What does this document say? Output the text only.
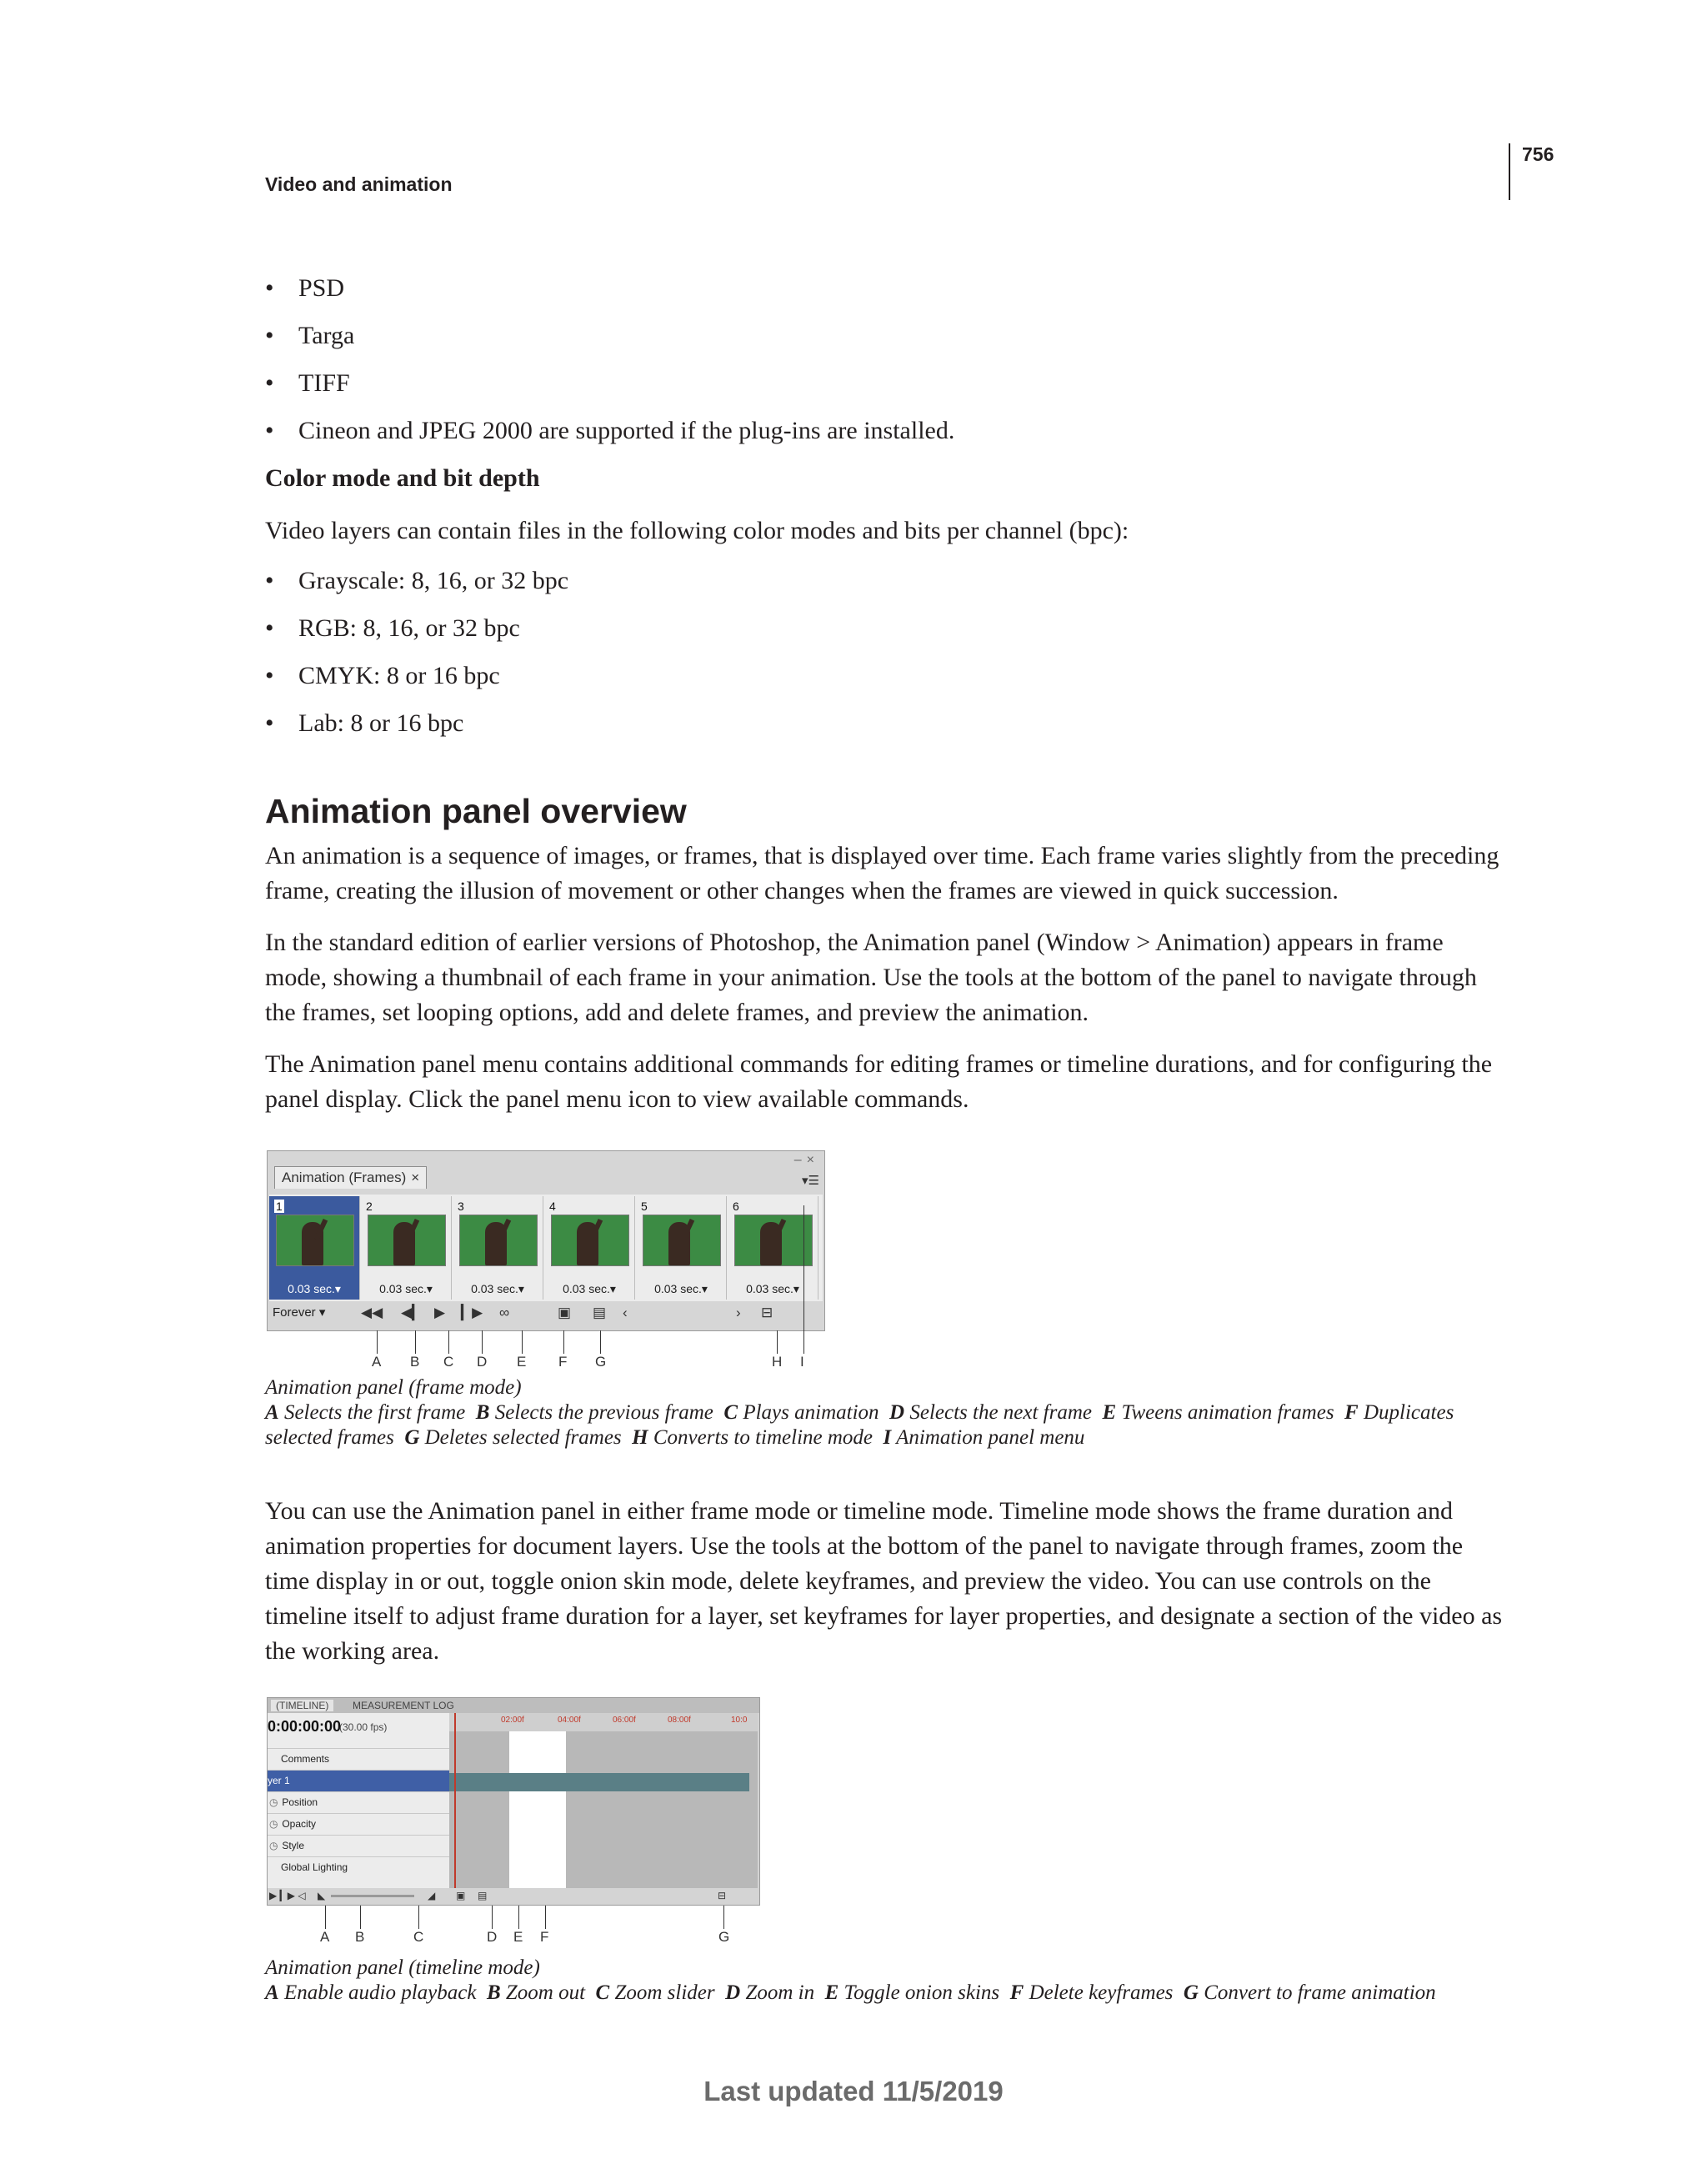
Video and animation
756
• PSD
• Targa
• TIFF
• Cineon and JPEG 2000 are supported if the plug-ins are installed.
Color mode and bit depth
Video layers can contain files in the following color modes and bits per channel (bpc):
• Grayscale: 8, 16, or 32 bpc
• RGB: 8, 16, or 32 bpc
• CMYK: 8 or 16 bpc
• Lab: 8 or 16 bpc
Animation panel overview
An animation is a sequence of images, or frames, that is displayed over time. Each frame varies slightly from the preceding frame, creating the illusion of movement or other changes when the frames are viewed in quick succession.
In the standard edition of earlier versions of Photoshop, the Animation panel (Window > Animation) appears in frame mode, showing a thumbnail of each frame in your animation. Use the tools at the bottom of the panel to navigate through the frames, set looping options, add and delete frames, and preview the animation.
The Animation panel menu contains additional commands for editing frames or timeline durations, and for configuring the panel display. Click the panel menu icon to view available commands.
Animation (Frames) ×
–×
▾☰
1
0.03 sec.▾
2
0.03 sec.▾
3
0.03 sec.▾
4
0.03 sec.▾
5
0.03 sec.▾
6
0.03 sec.▾
Forever ▾	◀◀ ◀▎ ▶ ▎▶ ∞	▣ ▤ ‹	› ⊟
A B C D E F G	H I
Animation panel (frame mode)
A Selects the first frame B Selects the previous frame C Plays animation D Selects the next frame E Tweens animation frames F Duplicates selected frames G Deletes selected frames H Converts to timeline mode I Animation panel menu
You can use the Animation panel in either frame mode or timeline mode. Timeline mode shows the frame duration and animation properties for document layers. Use the tools at the bottom of the panel to navigate through frames, zoom the time display in or out, toggle onion skin mode, delete keyframes, and preview the video. You can use controls on the timeline itself to adjust frame duration for a layer, set keyframes for layer properties, and designate a section of the video as the working area.
(TIMELINE)	MEASUREMENT LOG
0:00:00:00
(30.00 fps)
Comments
yer 1
◷ Position
◷ Opacity
◷ Style
Global Lighting
02:00f	04:00f	06:00f	08:00f	10:0
▶ ▎▶ ◁ ◣	◢ ▣ ▤	⊟
A B	C	D E F	G
Animation panel (timeline mode)
A Enable audio playback B Zoom out C Zoom slider D Zoom in E Toggle onion skins F Delete keyframes G Convert to frame animation
Last updated 11/5/2019
